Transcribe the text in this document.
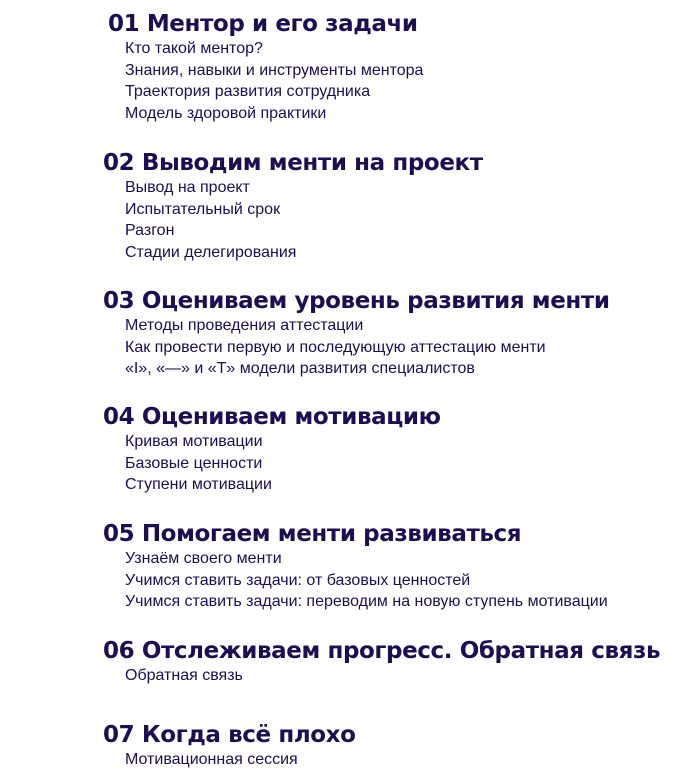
01 Ментор и его задачи
Кто такой ментор?
Знания, навыки и инструменты ментора
Траектория развития сотрудника
Модель здоровой практики
02 Выводим менти на проект
Вывод на проект
Испытательный срок
Разгон
Стадии делегирования
03 Оцениваем уровень развития менти
Методы проведения аттестации
Как провести первую и последующую аттестацию менти
«I», «—» и «T» модели развития специалистов
04 Оцениваем мотивацию
Кривая мотивации
Базовые ценности
Ступени мотивации
05 Помогаем менти развиваться
Узнаём своего менти
Учимся ставить задачи: от базовых ценностей
Учимся ставить задачи: переводим на новую ступень мотивации
06 Отслеживаем прогресс. Обратная связь
Обратная связь
07 Когда всё плохо
Мотивационная сессия
